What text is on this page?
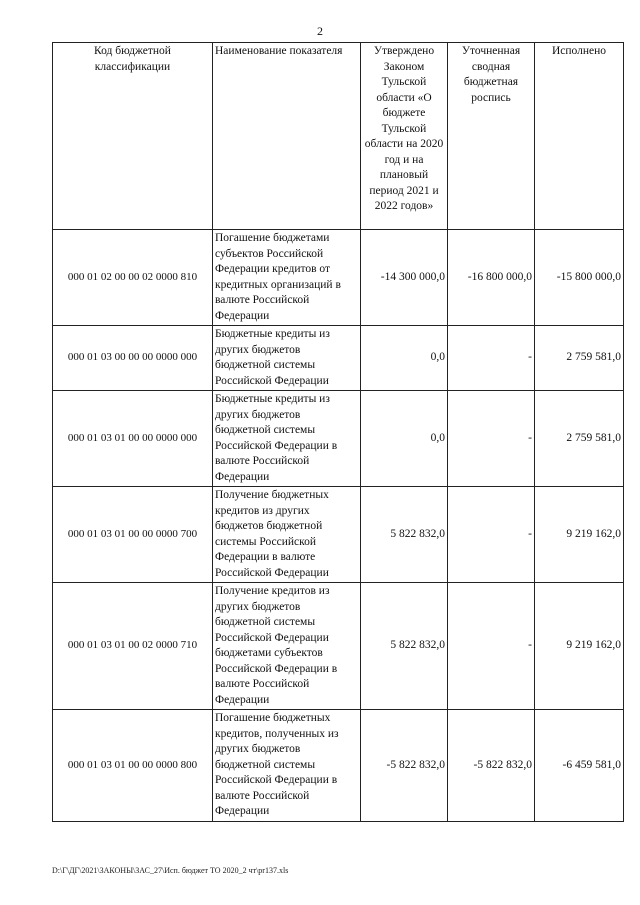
2
Код бюджетной классификации	Наименование показателя	Утверждено Законом Тульской области «О бюджете Тульской области на 2020 год и на плановый период 2021 и 2022 годов»	Уточненная сводная бюджетная роспись	Исполнено
000 01 02 00 00 02 0000 810	Погашение бюджетами субъектов Российской Федерации кредитов от кредитных организаций в валюте Российской Федерации	-14 300 000,0	-16 800 000,0	-15 800 000,0
000 01 03 00 00 00 0000 000	Бюджетные кредиты из других бюджетов бюджетной системы Российской Федерации	0,0	-	2 759 581,0
000 01 03 01 00 00 0000 000	Бюджетные кредиты из других бюджетов бюджетной системы Российской Федерации в валюте Российской Федерации	0,0	-	2 759 581,0
000 01 03 01 00 00 0000 700	Получение бюджетных кредитов из других бюджетов бюджетной системы Российской Федерации в валюте Российской Федерации	5 822 832,0	-	9 219 162,0
000 01 03 01 00 02 0000 710	Получение кредитов из других бюджетов бюджетной системы Российской Федерации бюджетами субъектов Российской Федерации в валюте Российской Федерации	5 822 832,0	-	9 219 162,0
000 01 03 01 00 00 0000 800	Погашение бюджетных кредитов, полученных из других бюджетов бюджетной системы Российской Федерации в валюте Российской Федерации	-5 822 832,0	-5 822 832,0	-6 459 581,0
D:\Г\ДГ\2021\ЗАКОНЫ\ЗАС_27\Исп. бюджет ТО 2020_2 чт\pr137.xls
